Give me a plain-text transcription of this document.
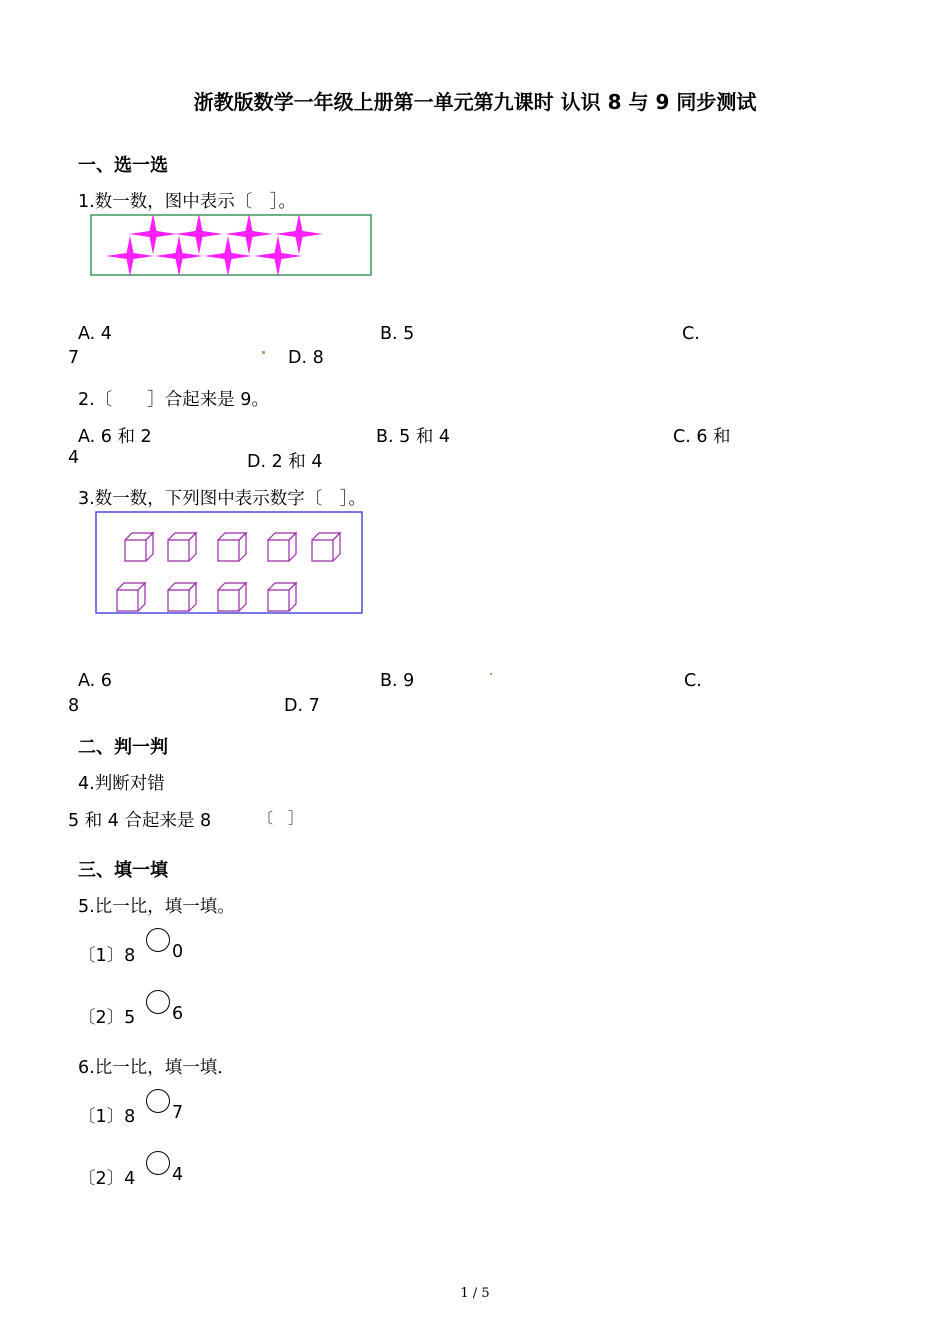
浙教版数学一年级上册第一单元第九课时 认识 8 与 9 同步测试
一、选一选
1.数一数，图中表示〔　］。
A. 4	B. 5	C.
7	D. 8
2.〔　　］合起来是 9。
A. 6 和 2	B. 5 和 4	C. 6 和
4	D. 2 和 4
3.数一数，下列图中表示数字〔　］。
A. 6	B. 9	C.
8	D. 7
二、判一判
4.判断对错
5 和 4 合起来是 8	〔　］
三、填一填
5.比一比，填一填。
〔1〕8 0
〔2〕5 6
6.比一比，填一填．
〔1〕8 7
〔2〕4 4
1 / 5
